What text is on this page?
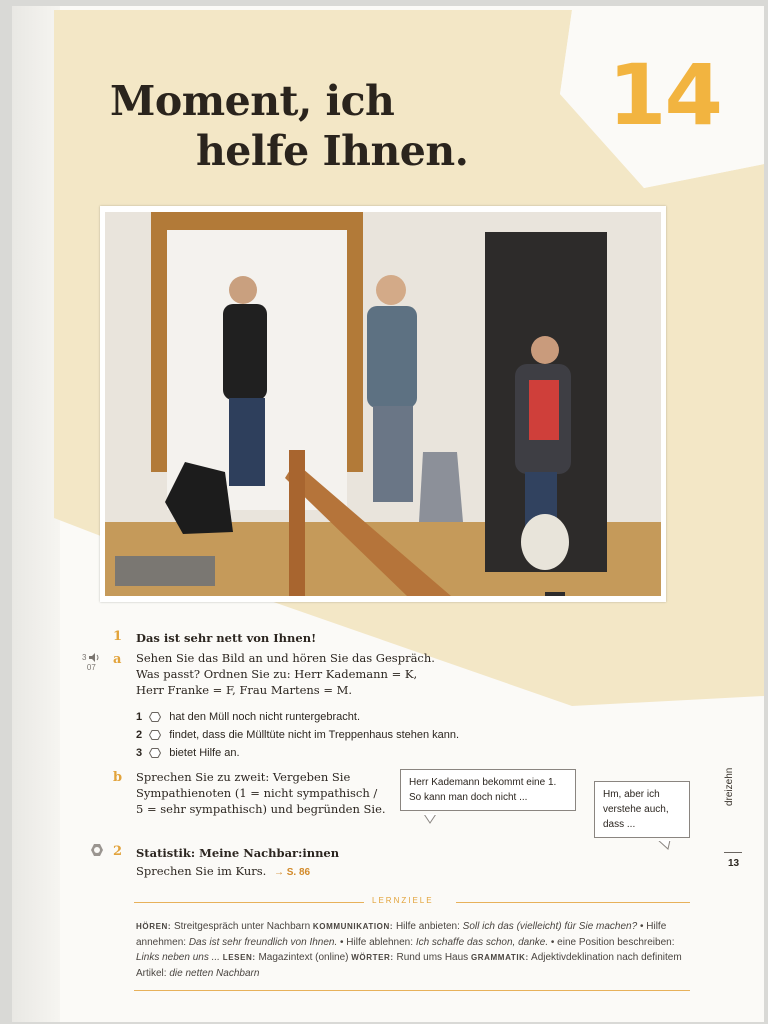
Moment, ich
helfe Ihnen.
14
1 Das ist sehr nett von Ihnen!
3
07
a Sehen Sie das Bild an und hören Sie das Gespräch.
Was passt? Ordnen Sie zu: Herr Kademann = K,
Herr Franke = F, Frau Martens = M.
1 hat den Müll noch nicht runtergebracht.
2 findet, dass die Mülltüte nicht im Treppenhaus stehen kann.
3 bietet Hilfe an.
b Sprechen Sie zu zweit: Vergeben Sie
Sympathienoten (1 = nicht sympathisch /
5 = sehr sympathisch) und begründen Sie.
Herr Kademann bekommt eine 1.
So kann man doch nicht ...	Hm, aber ich
verstehe auch,
dass ...
2 Statistik: Meine Nachbar:innen
Sprechen Sie im Kurs. → S. 86
LERNZIELE
HÖREN: Streitgespräch unter Nachbarn KOMMUNIKATION: Hilfe anbieten: Soll ich das (vielleicht) für Sie machen? • Hilfe annehmen: Das ist sehr freundlich von Ihnen. • Hilfe ablehnen: Ich schaffe das schon, danke. • eine Position beschreiben: Links neben uns ... LESEN: Magazintext (online) WÖRTER: Rund ums Haus GRAMMATIK: Adjektivdeklination nach definitem Artikel: die netten Nachbarn
dreizehn
13
